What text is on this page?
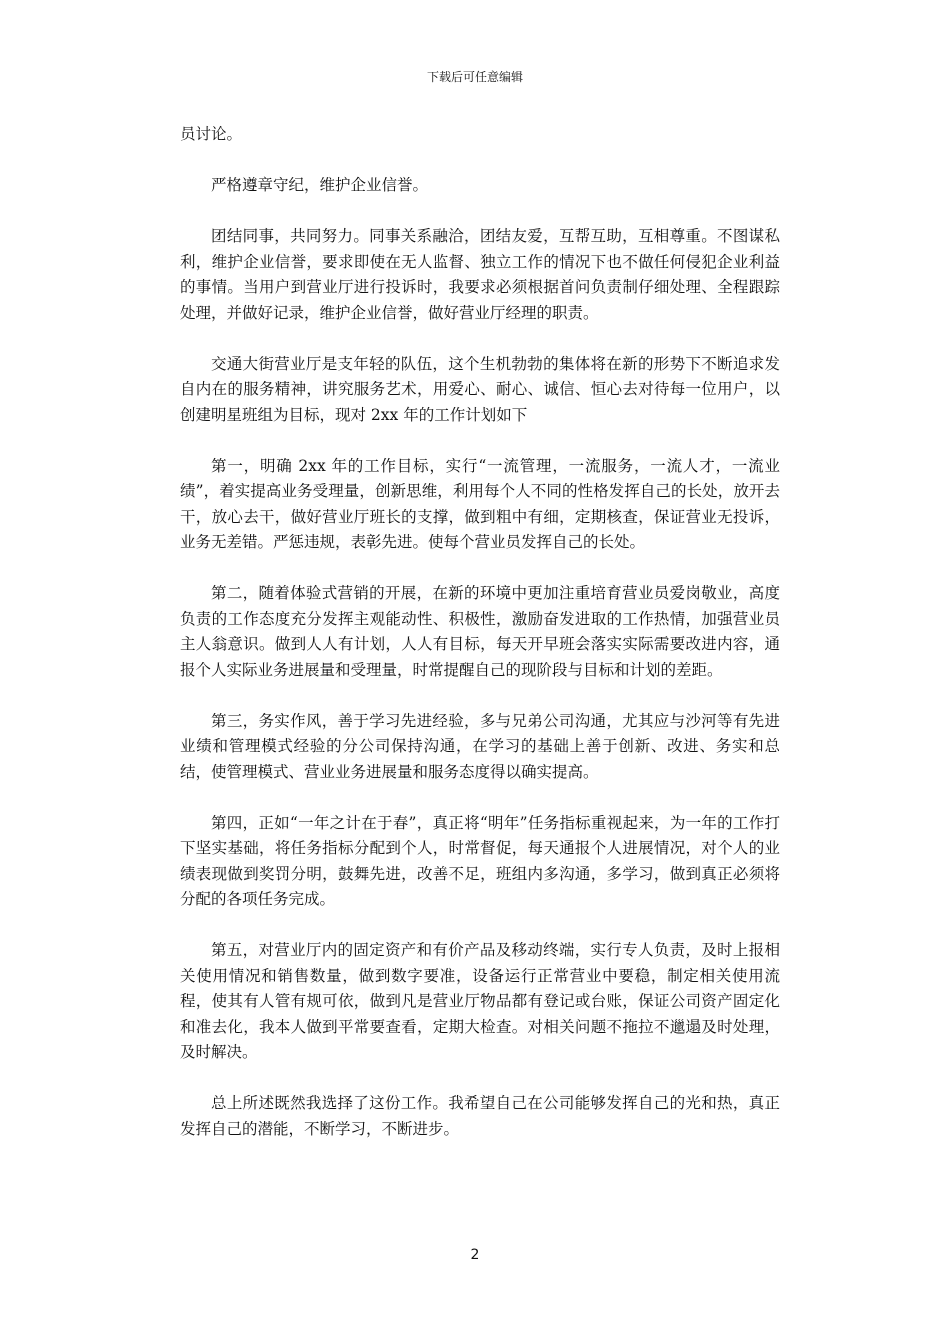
下载后可任意编辑

员讨论。

严格遵章守纪，维护企业信誉。

团结同事，共同努力。同事关系融洽，团结友爱，互帮互助，互相尊重。不图谋私利，维护企业信誉，要求即使在无人监督、独立工作的情况下也不做任何侵犯企业利益的事情。当用户到营业厅进行投诉时，我要求必须根据首问负责制仔细处理、全程跟踪处理，并做好记录，维护企业信誉，做好营业厅经理的职责。

交通大街营业厅是支年轻的队伍，这个生机勃勃的集体将在新的形势下不断追求发自内在的服务精神，讲究服务艺术，用爱心、耐心、诚信、恒心去对待每一位用户，以创建明星班组为目标，现对 2xx 年的工作计划如下

第一，明确 2xx 年的工作目标，实行“一流管理，一流服务，一流人才，一流业绩”，着实提高业务受理量，创新思维，利用每个人不同的性格发挥自己的长处，放开去干，放心去干，做好营业厅班长的支撑，做到粗中有细，定期核查，保证营业无投诉，业务无差错。严惩违规，表彰先进。使每个营业员发挥自己的长处。

第二，随着体验式营销的开展，在新的环境中更加注重培育营业员爱岗敬业，高度负责的工作态度充分发挥主观能动性、积极性，激励奋发进取的工作热情，加强营业员主人翁意识。做到人人有计划，人人有目标，每天开早班会落实实际需要改进内容，通报个人实际业务进展量和受理量，时常提醒自己的现阶段与目标和计划的差距。

第三，务实作风，善于学习先进经验，多与兄弟公司沟通，尤其应与沙河等有先进业绩和管理模式经验的分公司保持沟通，在学习的基础上善于创新、改进、务实和总结，使管理模式、营业业务进展量和服务态度得以确实提高。

第四，正如“一年之计在于春”，真正将“明年”任务指标重视起来，为一年的工作打下坚实基础，将任务指标分配到个人，时常督促，每天通报个人进展情况，对个人的业绩表现做到奖罚分明，鼓舞先进，改善不足，班组内多沟通，多学习，做到真正必须将分配的各项任务完成。

第五，对营业厅内的固定资产和有价产品及移动终端，实行专人负责，及时上报相关使用情况和销售数量，做到数字要准，设备运行正常营业中要稳，制定相关使用流程，使其有人管有规可依，做到凡是营业厅物品都有登记或台账，保证公司资产固定化和准去化，我本人做到平常要查看，定期大检查。对相关问题不拖拉不邋遢及时处理，及时解决。

总上所述既然我选择了这份工作。我希望自己在公司能够发挥自己的光和热，真正发挥自己的潜能，不断学习，不断进步。

2
